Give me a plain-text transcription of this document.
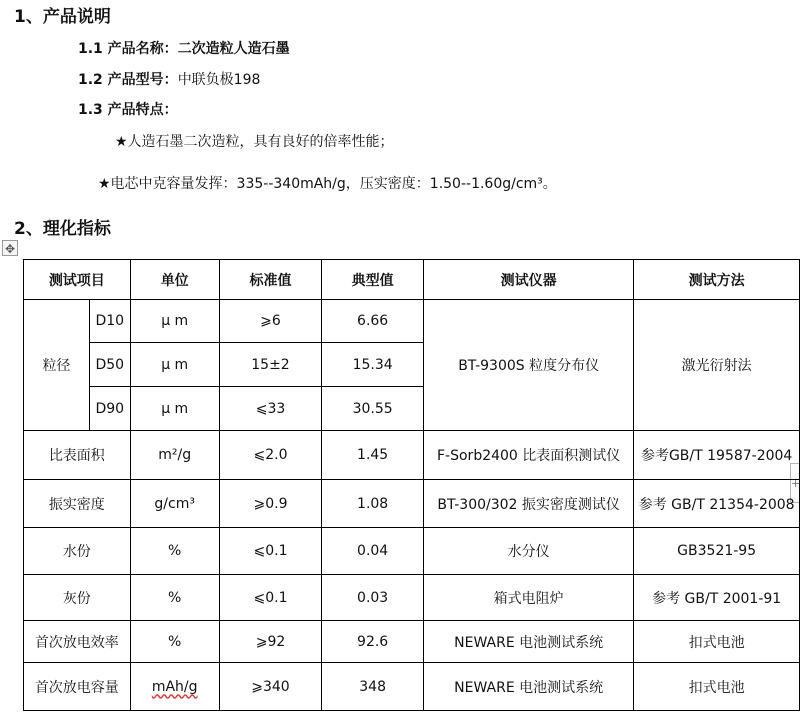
1、产品说明
1.1 产品名称：二次造粒人造石墨
1.2 产品型号：中联负极198
1.3 产品特点：
★人造石墨二次造粒，具有良好的倍率性能；
★电芯中克容量发挥：335--340mAh/g，压实密度：1.50--1.60g/cm³。
2、理化指标
✥
+
测试项目		单位	标准值	典型值	测试仪器	测试方法
粒径	D10	μ m	⩾6	6.66	BT-9300S 粒度分布仪	激光衍射法
	D50	μ m	15±2	15.34		
	D90	μ m	⩽33	30.55		
比表面积		m²/g	⩽2.0	1.45	F-Sorb2400 比表面积测试仪	参考GB/T 19587-2004
振实密度		g/cm³	⩾0.9	1.08	BT-300/302 振实密度测试仪	参考 GB/T 21354-2008
水份		%	⩽0.1	0.04	水分仪	GB3521-95
灰份		%	⩽0.1	0.03	箱式电阻炉	参考 GB/T 2001-91
首次放电效率		%	⩾92	92.6	NEWARE 电池测试系统	扣式电池
首次放电容量		mAh/g	⩾340	348	NEWARE 电池测试系统	扣式电池
